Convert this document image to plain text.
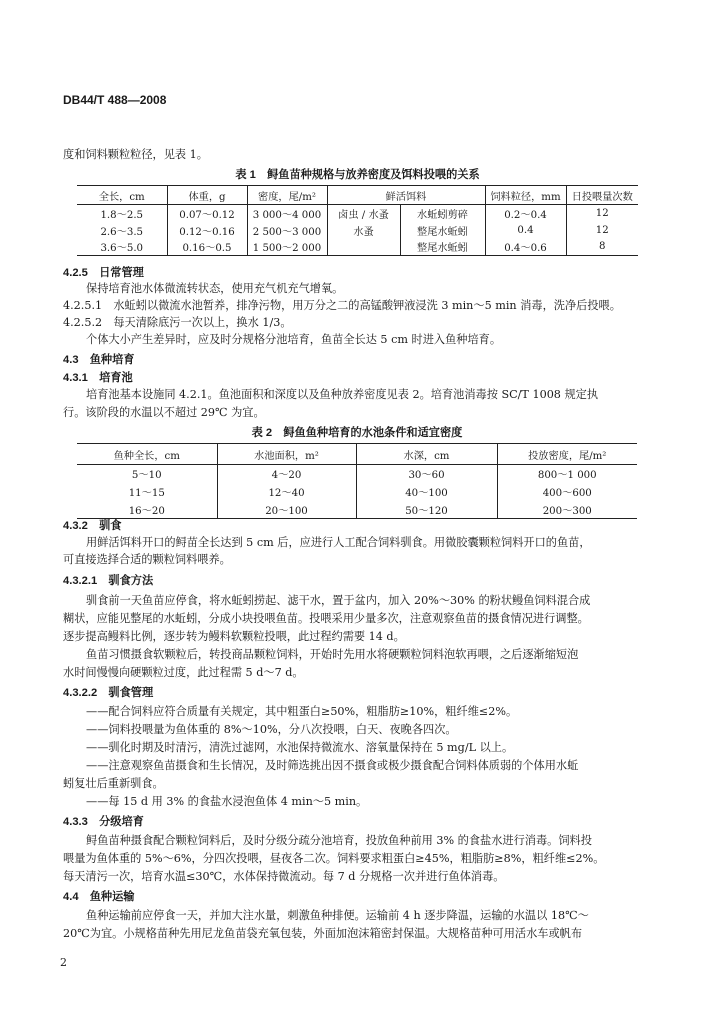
DB44/T 488—2008
度和饲料颗粒粒径，见表 1。
表 1　鲟鱼苗种规格与放养密度及饵料投喂的关系
全长，cm	体重，g	密度，尾/m²	鲜活饵料		饲料粒径，mm	日投喂量次数
1.8～2.5	0.07～0.12	3 000～4 000	卤虫 / 水蚤	水蚯蚓剪碎	0.2～0.4	12
2.6～3.5	0.12～0.16	2 500～3 000	水蚤	整尾水蚯蚓	0.4	12
3.6～5.0	0.16～0.5	1 500～2 000		整尾水蚯蚓	0.4～0.6	8
4.2.5　日常管理
保持培育池水体微流转状态，使用充气机充气增氧。
4.2.5.1　水蚯蚓以微流水池暂养，排净污物，用万分之二的高锰酸钾液浸洗 3 min～5 min 消毒，洗净后投喂。
4.2.5.2　每天清除底污一次以上，换水 1/3。
个体大小产生差异时，应及时分规格分池培育，鱼苗全长达 5 cm 时进入鱼种培育。
4.3　鱼种培育
4.3.1　培育池
培育池基本设施同 4.2.1。鱼池面积和深度以及鱼种放养密度见表 2。培育池消毒按 SC/T 1008 规定执
行。该阶段的水温以不超过 29℃ 为宜。
表 2　鲟鱼鱼种培育的水池条件和适宜密度
鱼种全长，cm	水池面积，m²	水深，cm	投放密度，尾/m²
5～10	4～20	30～60	800～1 000
11～15	12～40	40～100	400～600
16～20	20～100	50～120	200～300
4.3.2　驯食
用鲜活饵料开口的鲟苗全长达到 5 cm 后，应进行人工配合饲料驯食。用微胶囊颗粒饲料开口的鱼苗，
可直接选择合适的颗粒饲料喂养。
4.3.2.1　驯食方法
驯食前一天鱼苗应停食，将水蚯蚓捞起、滤干水，置于盆内，加入 20%～30% 的粉状鳗鱼饲料混合成
糊状，应能见整尾的水蚯蚓，分成小块投喂鱼苗。投喂采用少量多次，注意观察鱼苗的摄食情况进行调整。
逐步提高鳗料比例，逐步转为鳗料软颗粒投喂，此过程约需要 14 d。
鱼苗习惯摄食软颗粒后，转投商品颗粒饲料，开始时先用水将硬颗粒饲料泡软再喂，之后逐渐缩短泡
水时间慢慢向硬颗粒过度，此过程需 5 d～7 d。
4.3.2.2　驯食管理
——配合饲料应符合质量有关规定，其中粗蛋白≥50%，粗脂肪≥10%，粗纤维≤2%。
——饲料投喂量为鱼体重的 8%～10%，分八次投喂，白天、夜晚各四次。
——驯化时期及时清污，清洗过滤网，水池保持微流水、溶氧量保持在 5 mg/L 以上。
——注意观察鱼苗摄食和生长情况，及时筛选挑出因不摄食或极少摄食配合饲料体质弱的个体用水蚯
蚓复壮后重新驯食。
——每 15 d 用 3% 的食盐水浸泡鱼体 4 min～5 min。
4.3.3　分级培育
鲟鱼苗种摄食配合颗粒饲料后，及时分级分疏分池培育，投放鱼种前用 3% 的食盐水进行消毒。饲料投
喂量为鱼体重的 5%～6%，分四次投喂，昼夜各二次。饲料要求粗蛋白≥45%，粗脂肪≥8%，粗纤维≤2%。
每天清污一次，培育水温≤30℃，水体保持微流动。每 7 d 分规格一次并进行鱼体消毒。
4.4　鱼种运输
鱼种运输前应停食一天，并加大注水量，刺激鱼种排便。运输前 4 h 逐步降温，运输的水温以 18℃～
20℃为宜。小规格苗种先用尼龙鱼苗袋充氧包装，外面加泡沫箱密封保温。大规格苗种可用活水车或帆布
2
